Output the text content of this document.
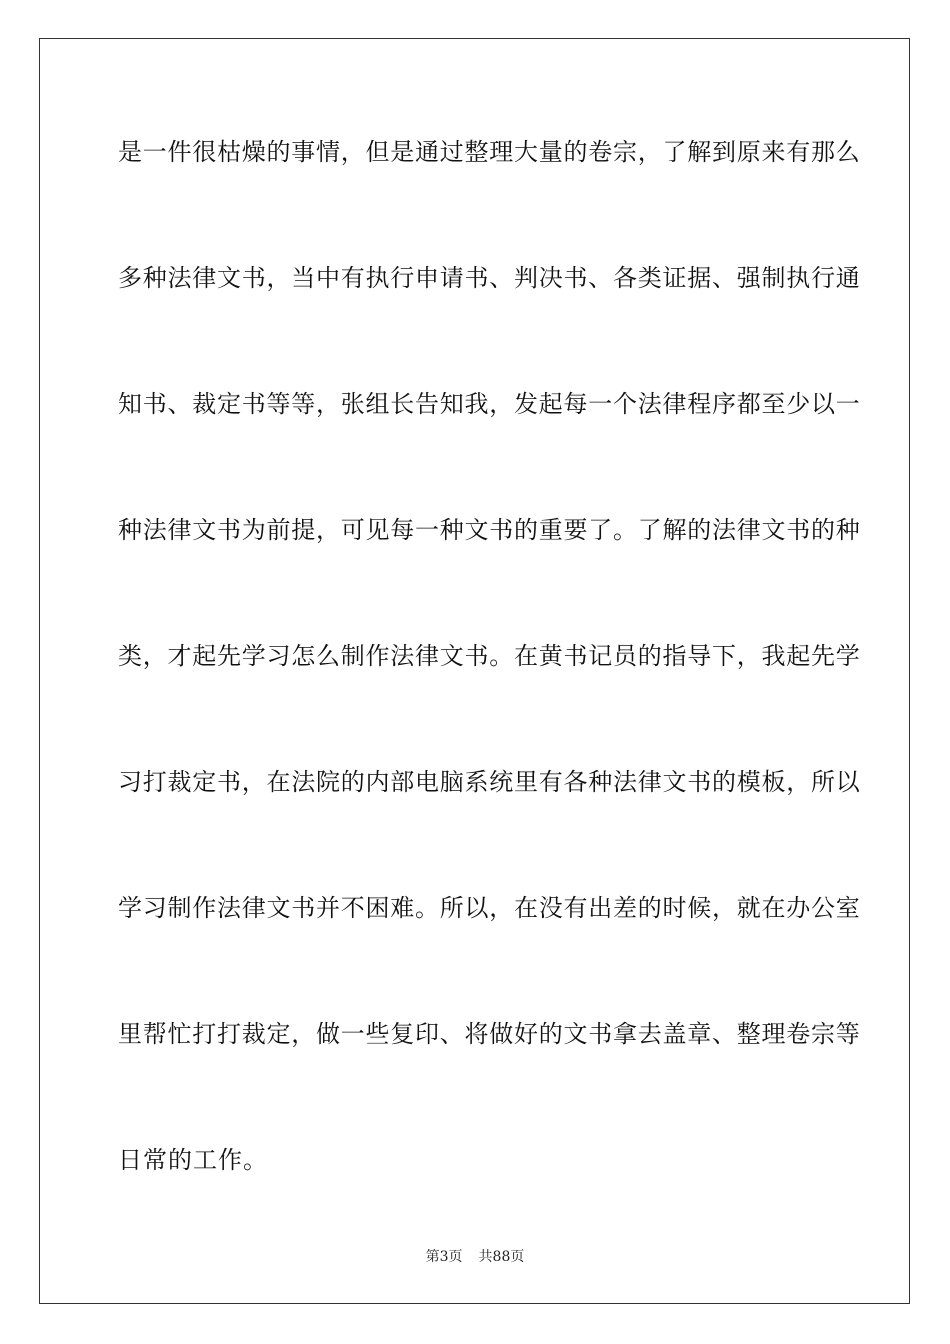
是一件很枯燥的事情，但是通过整理大量的卷宗，了解到原来有那么
多种法律文书，当中有执行申请书、判决书、各类证据、强制执行通
知书、裁定书等等，张组长告知我，发起每一个法律程序都至少以一
种法律文书为前提，可见每一种文书的重要了。了解的法律文书的种
类，才起先学习怎么制作法律文书。在黄书记员的指导下，我起先学
习打裁定书，在法院的内部电脑系统里有各种法律文书的模板，所以
学习制作法律文书并不困难。所以，在没有出差的时候，就在办公室
里帮忙打打裁定，做一些复印、将做好的文书拿去盖章、整理卷宗等
日常的工作。
第3页 共88页
